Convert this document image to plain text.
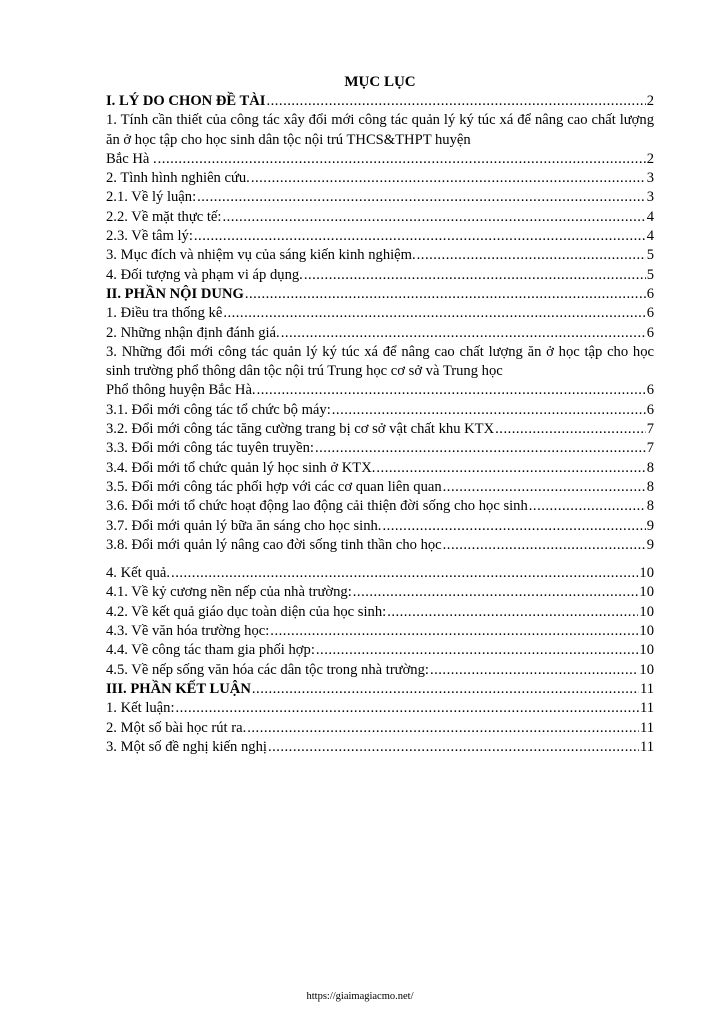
MỤC LỤC
I. LÝ DO CHON ĐỀ TÀI .....	2
1. Tính cần thiết của công tác xây đổi mới công tác quản lý ký túc xá để nâng cao chất lượng ăn ở học tập cho học sinh dân tộc nội trú THCS&THPT huyện
Bắc Hà . .....	2
2. Tình hình nghiên cứu. .....	3
2.1. Về lý luận: .....	3
2.2. Về mặt thực tế: .....	4
2.3. Về tâm lý: .....	4
3. Mục đích và nhiệm vụ của sáng kiến kinh nghiệm. .....	5
4. Đối tượng và phạm vi áp dụng. .....	5
II. PHẦN NỘI DUNG .....	6
1. Điều tra thống kê .....	6
2. Những nhận định đánh giá. .....	6
3. Những đổi mới công tác quản lý ký túc xá để nâng cao chất lượng ăn ở học tập cho học sinh trường phổ thông dân tộc nội trú Trung học cơ sở và Trung học
Phổ thông huyện Bắc Hà. .....	6
3.1. Đổi mới công tác tổ chức bộ máy: .....	6
3.2. Đổi mới công tác tăng cường trang bị cơ sở vật chất khu KTX .....	7
3.3. Đổi mới công tác tuyên truyền: .....	7
3.4. Đổi mới tổ chức quản lý học sinh ở KTX. .....	8
3.5. Đổi mới công tác phối hợp với các cơ quan liên quan .....	8
3.6. Đổi mới tổ chức hoạt động lao động cải thiện đời sống cho học sinh .....	8
3.7. Đổi mới quản lý bữa ăn sáng cho học sinh. .....	9
3.8. Đổi mới quản lý nâng cao đời sống tinh thần cho học .....	9
4. Kết quả. .....	10
4.1. Về kỷ cương nền nếp của nhà trường: .....	10
4.2. Về kết quả giáo dục toàn diện của học sinh: .....	10
4.3. Về văn hóa trường học: .....	10
4.4. Về công tác tham gia phối hợp: .....	10
4.5. Về nếp sống văn hóa các dân tộc trong nhà trường: .....	10
III. PHẦN KẾT LUẬN .....	11
1. Kết luận: .....	11
2. Một số bài học rút ra. .....	11
3. Một số đề nghị kiến nghị .....	11
https://giaimagiacmo.net/
